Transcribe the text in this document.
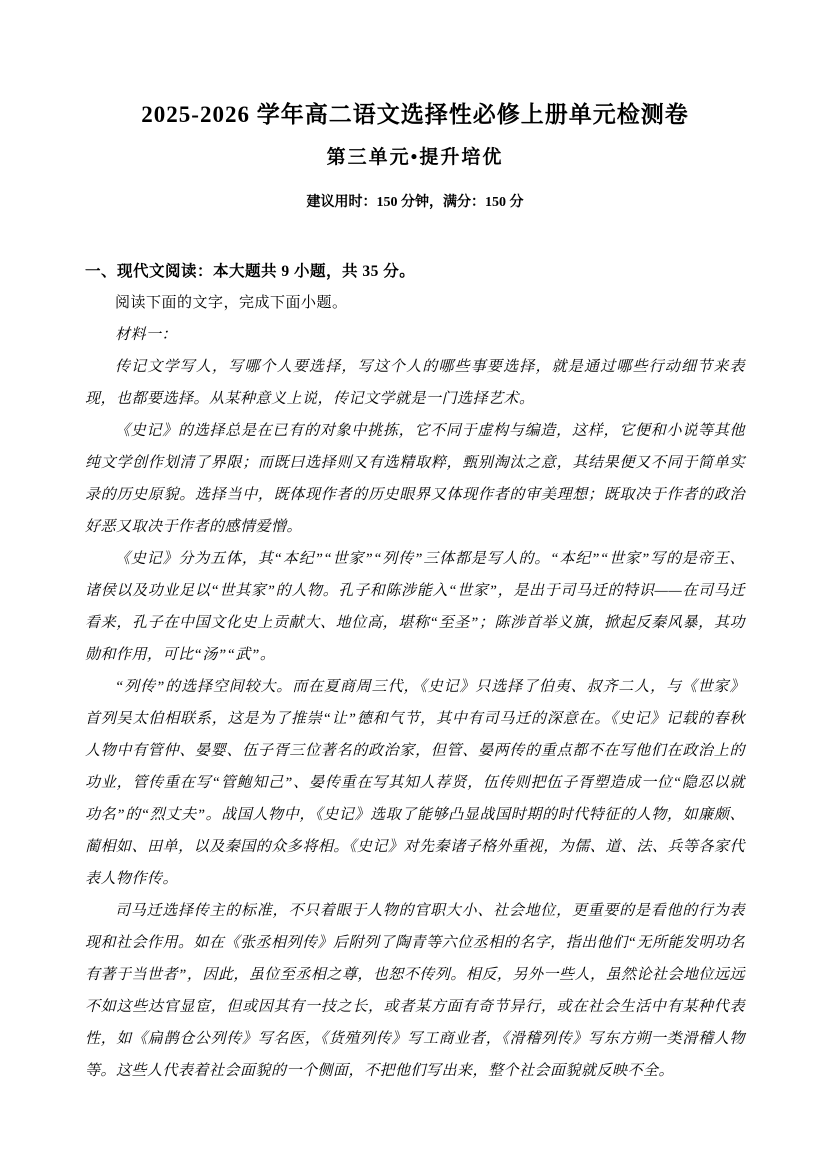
2025-2026 学年高二语文选择性必修上册单元检测卷
第三单元•提升培优

建议用时：150 分钟，满分：150 分

一、现代文阅读：本大题共 9 小题，共 35 分。

阅读下面的文字，完成下面小题。

材料一：

传记文学写人，写哪个人要选择，写这个人的哪些事要选择，就是通过哪些行动细节来表现，也都要选择。从某种意义上说，传记文学就是一门选择艺术。

《史记》的选择总是在已有的对象中挑拣，它不同于虚构与编造，这样，它便和小说等其他纯文学创作划清了界限；而既曰选择则又有选精取粹，甄别淘汰之意，其结果便又不同于简单实录的历史原貌。选择当中，既体现作者的历史眼界又体现作者的审美理想；既取决于作者的政治好恶又取决于作者的感情爱憎。

《史记》分为五体，其“本纪”“世家”“列传”三体都是写人的。“本纪”“世家”写的是帝王、诸侯以及功业足以“世其家”的人物。孔子和陈涉能入“世家”，是出于司马迁的特识——在司马迁看来，孔子在中国文化史上贡献大、地位高，堪称“至圣”；陈涉首举义旗，掀起反秦风暴，其功勋和作用，可比“汤”“武”。

“列传”的选择空间较大。而在夏商周三代，《史记》只选择了伯夷、叔齐二人，与《世家》首列吴太伯相联系，这是为了推崇“让”德和气节，其中有司马迁的深意在。《史记》记载的春秋人物中有管仲、晏婴、伍子胥三位著名的政治家，但管、晏两传的重点都不在写他们在政治上的功业，管传重在写“管鲍知己”、晏传重在写其知人荐贤，伍传则把伍子胥塑造成一位“隐忍以就功名”的“烈丈夫”。战国人物中，《史记》选取了能够凸显战国时期的时代特征的人物，如廉颇、蔺相如、田单，以及秦国的众多将相。《史记》对先秦诸子格外重视，为儒、道、法、兵等各家代表人物作传。

司马迁选择传主的标准，不只着眼于人物的官职大小、社会地位，更重要的是看他的行为表现和社会作用。如在《张丞相列传》后附列了陶青等六位丞相的名字，指出他们“无所能发明功名有著于当世者”，因此，虽位至丞相之尊，也恕不传列。相反，另外一些人，虽然论社会地位远远不如这些达官显宦，但或因其有一技之长，或者某方面有奇节异行，或在社会生活中有某种代表性，如《扁鹊仓公列传》写名医，《货殖列传》写工商业者，《滑稽列传》写东方朔一类滑稽人物等。这些人代表着社会面貌的一个侧面，不把他们写出来，整个社会面貌就反映不全。
